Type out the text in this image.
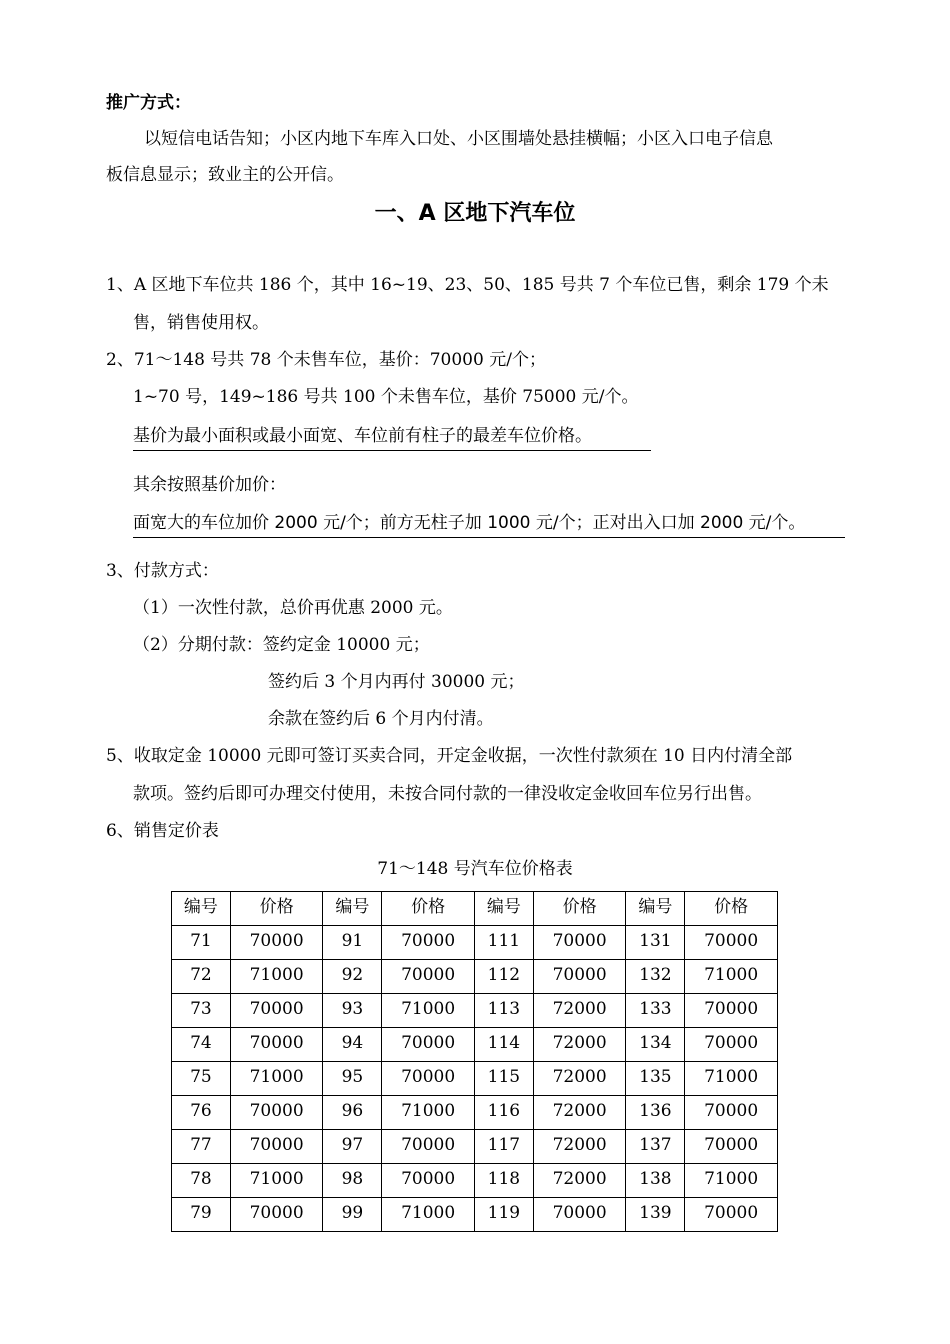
推广方式：
以短信电话告知；小区内地下车库入口处、小区围墙处悬挂横幅；小区入口电子信息
板信息显示；致业主的公开信。
一、A 区地下汽车位
1、A 区地下车位共 186 个，其中 16~19、23、50、185 号共 7 个车位已售，剩余 179 个未
售，销售使用权。
2、71～148 号共 78 个未售车位，基价：70000 元/个；
1~70 号，149~186 号共 100 个未售车位，基价 75000 元/个。
基价为最小面积或最小面宽、车位前有柱子的最差车位价格。
其余按照基价加价：
面宽大的车位加价 2000 元/个；前方无柱子加 1000 元/个；正对出入口加 2000 元/个。
3、付款方式：
（1）一次性付款，总价再优惠 2000 元。
（2）分期付款：签约定金 10000 元；
签约后 3 个月内再付 30000 元；
余款在签约后 6 个月内付清。
5、收取定金 10000 元即可签订买卖合同，开定金收据，一次性付款须在 10 日内付清全部
款项。签约后即可办理交付使用，未按合同付款的一律没收定金收回车位另行出售。
6、销售定价表
71～148 号汽车位价格表
编号	价格	编号	价格	编号	价格	编号	价格
71	70000	91	70000	111	70000	131	70000
72	71000	92	70000	112	70000	132	71000
73	70000	93	71000	113	72000	133	70000
74	70000	94	70000	114	72000	134	70000
75	71000	95	70000	115	72000	135	71000
76	70000	96	71000	116	72000	136	70000
77	70000	97	70000	117	72000	137	70000
78	71000	98	70000	118	72000	138	71000
79	70000	99	71000	119	70000	139	70000
